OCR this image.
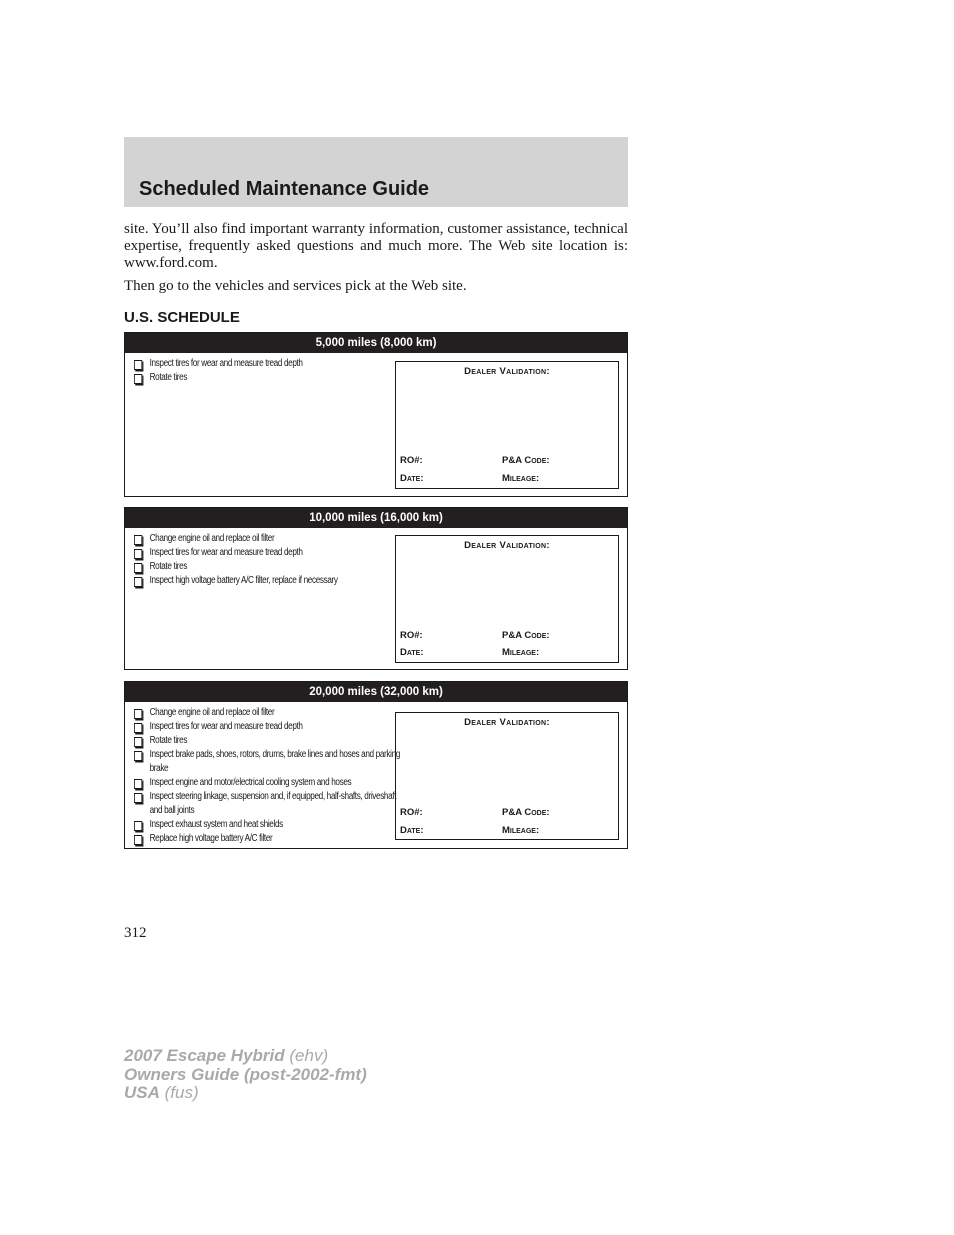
Scheduled Maintenance Guide

site. You’ll also find important warranty information, customer assistance, technical expertise, frequently asked questions and much more. The Web site location is: www.ford.com.

Then go to the vehicles and services pick at the Web site.

U.S. SCHEDULE
5,000 miles (8,000 km)
Inspect tires for wear and measure tread depth
Rotate tires
Dealer Validation:
RO#:	P&A Code:
Date:	Mileage:
10,000 miles (16,000 km)
Change engine oil and replace oil filter
Inspect tires for wear and measure tread depth
Rotate tires
Inspect high voltage battery A/C filter, replace if necessary
Dealer Validation:
RO#:	P&A Code:
Date:	Mileage:
20,000 miles (32,000 km)
Change engine oil and replace oil filter
Inspect tires for wear and measure tread depth
Rotate tires
Inspect brake pads, shoes, rotors, drums, brake lines and hoses and parking brake
Inspect engine and motor/electrical cooling system and hoses
Inspect steering linkage, suspension and, if equipped, half-shafts, driveshaft and ball joints
Inspect exhaust system and heat shields
Replace high voltage battery A/C filter
Dealer Validation:
RO#:	P&A Code:
Date:	Mileage:
312
2007 Escape Hybrid (ehv)
Owners Guide (post-2002-fmt)
USA (fus)
